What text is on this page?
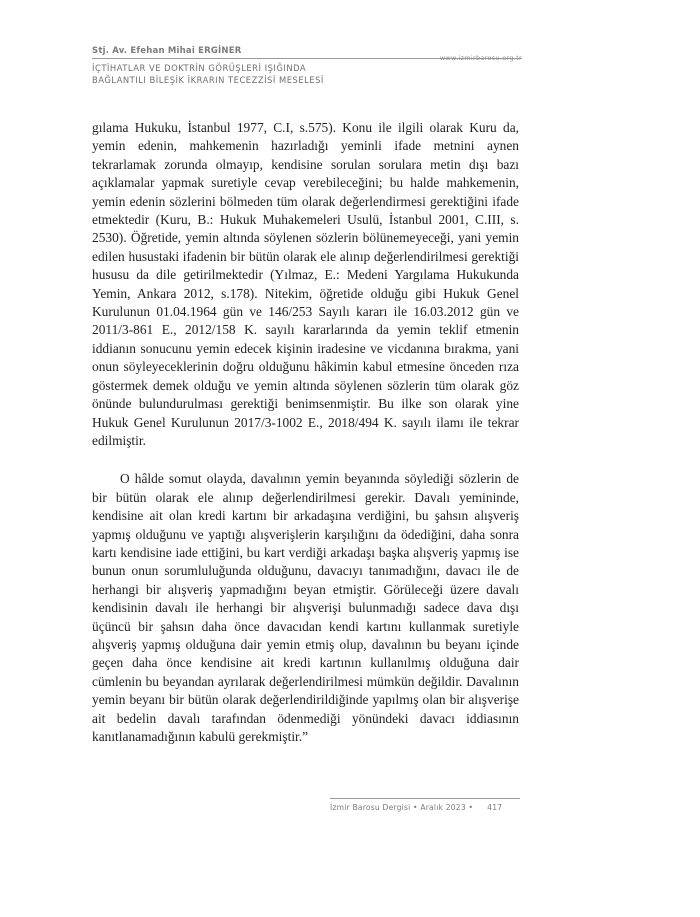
Stj. Av. Efehan Mihai ERGİNER
www.izmirbarosu.org.tr
İÇTİHATLAR VE DOKTRİN GÖRÜŞLERİ IŞIĞINDA
BAĞLANTILI BİLEŞİK İKRARIN TECEZZİSİ MESELESİ

gılama Hukuku, İstanbul 1977, C.I, s.575). Konu ile ilgili olarak Kuru da, yemin edenin, mahkemenin hazırladığı yeminli ifade metnini aynen tekrarlamak zorunda olmayıp, kendisine sorulan sorulara metin dışı bazı açıklamalar yapmak suretiyle cevap verebileceğini; bu halde mahkemenin, yemin edenin sözlerini bölmeden tüm olarak değerlendirmesi gerektiğini ifade etmektedir (Kuru, B.: Hukuk Muhakemeleri Usulü, İstanbul 2001, C.III, s. 2530). Öğretide, yemin altında söylenen sözlerin bölünemeyeceği, yani yemin edilen husustaki ifadenin bir bütün olarak ele alınıp değerlendirilmesi gerektiği hususu da dile getirilmektedir (Yılmaz, E.: Medeni Yargılama Hukukunda Yemin, Ankara 2012, s.178). Nitekim, öğretide olduğu gibi Hukuk Genel Kurulunun 01.04.1964 gün ve 146/253 Sayılı kararı ile 16.03.2012 gün ve 2011/3-861 E., 2012/158 K. sayılı kararlarında da yemin teklif etmenin iddianın sonucunu yemin edecek kişinin iradesine ve vicdanına bırakma, yani onun söyleyeceklerinin doğru olduğunu hâkimin kabul etmesine önceden rıza göstermek demek olduğu ve yemin altında söylenen sözlerin tüm olarak göz önünde bulundurulması gerektiği benimsenmiştir. Bu ilke son olarak yine Hukuk Genel Kurulunun 2017/3-1002 E., 2018/494 K. sayılı ilamı ile tekrar edilmiştir.

O hâlde somut olayda, davalının yemin beyanında söylediği sözlerin de bir bütün olarak ele alınıp değerlendirilmesi gerekir. Davalı yemininde, kendisine ait olan kredi kartını bir arkadaşına verdiğini, bu şahsın alışveriş yapmış olduğunu ve yaptığı alışverişlerin karşılığını da ödediğini, daha sonra kartı kendisine iade ettiğini, bu kart verdiği arkadaşı başka alışveriş yapmış ise bunun onun sorumluluğunda olduğunu, davacıyı tanımadığını, davacı ile de herhangi bir alışveriş yapmadığını beyan etmiştir. Görüleceği üzere davalı kendisinin davalı ile herhangi bir alışverişi bulunmadığı sadece dava dışı üçüncü bir şahsın daha önce davacıdan kendi kartını kullanmak suretiyle alışveriş yapmış olduğuna dair yemin etmiş olup, davalının bu beyanı içinde geçen daha önce kendisine ait kredi kartının kullanılmış olduğuna dair cümlenin bu beyandan ayrılarak değerlendirilmesi mümkün değildir. Davalının yemin beyanı bir bütün olarak değerlendirildiğinde yapılmış olan bir alışverişe ait bedelin davalı tarafından ödenmediği yönündeki davacı iddiasının kanıtlanamadığının kabulü gerekmiştir.”

İzmir Barosu Dergisi • Aralık 2023 • 417
